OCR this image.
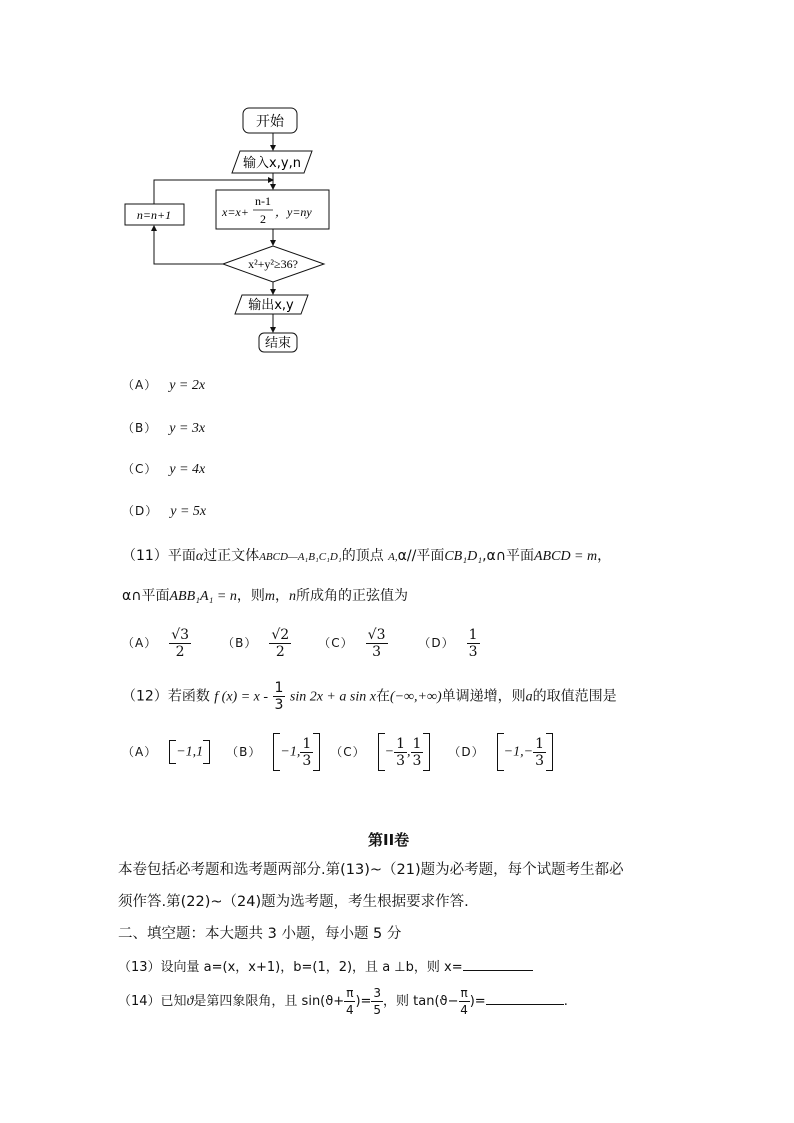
开始
输入x,y,n
x=x+
n-1
2 ，y=ny
x²+y²≥36?
输出x,y
结束
n=n+1
（A） y = 2x
（B） y = 3x
（C） y = 4x
（D） y = 5x
（11）平面α过正文体ABCD—A₁B₁C₁D₁的顶点 A,α//平面CB₁D₁,α∩平面ABCD = m，
α∩平面ABB₁A₁ = n，则m，n所成角的正弦值为
$(A) \frac{√3}{2}$	$(B) \frac{√2}{2} (C) \frac{√3}{3}$	$(D) \frac{1}{3}$
（12）若函数 f $(x) = x - \frac{1}{3}$ sin 2x + a sin x在(−∞,+∞)单调递增，则a的取值范围是
（A） −1,1 （B） −1, $\frac{1}{3} (C) - \frac{1}{3}$ , $\frac{1}{3} (D) -1,- \frac{1}{3}$
第II卷
本卷包括必考题和选考题两部分.第(13)~（21)题为必考题，每个试题考生都必
须作答.第(22)~（24)题为选考题，考生根据要求作答.
二、填空题：本大题共 3 小题，每小题 5 分
（13）设向量 a=(x，x+1)，b=(1，2)，且 a ⊥b，则 x=
（14）已知ϑ是第四象限角，且 $\sin(ϑ+ \frac{\pi}{4}$ )= $\frac{3}{5}$ ，则 $\tan(ϑ- \frac{\pi}{4}$ )=	.
